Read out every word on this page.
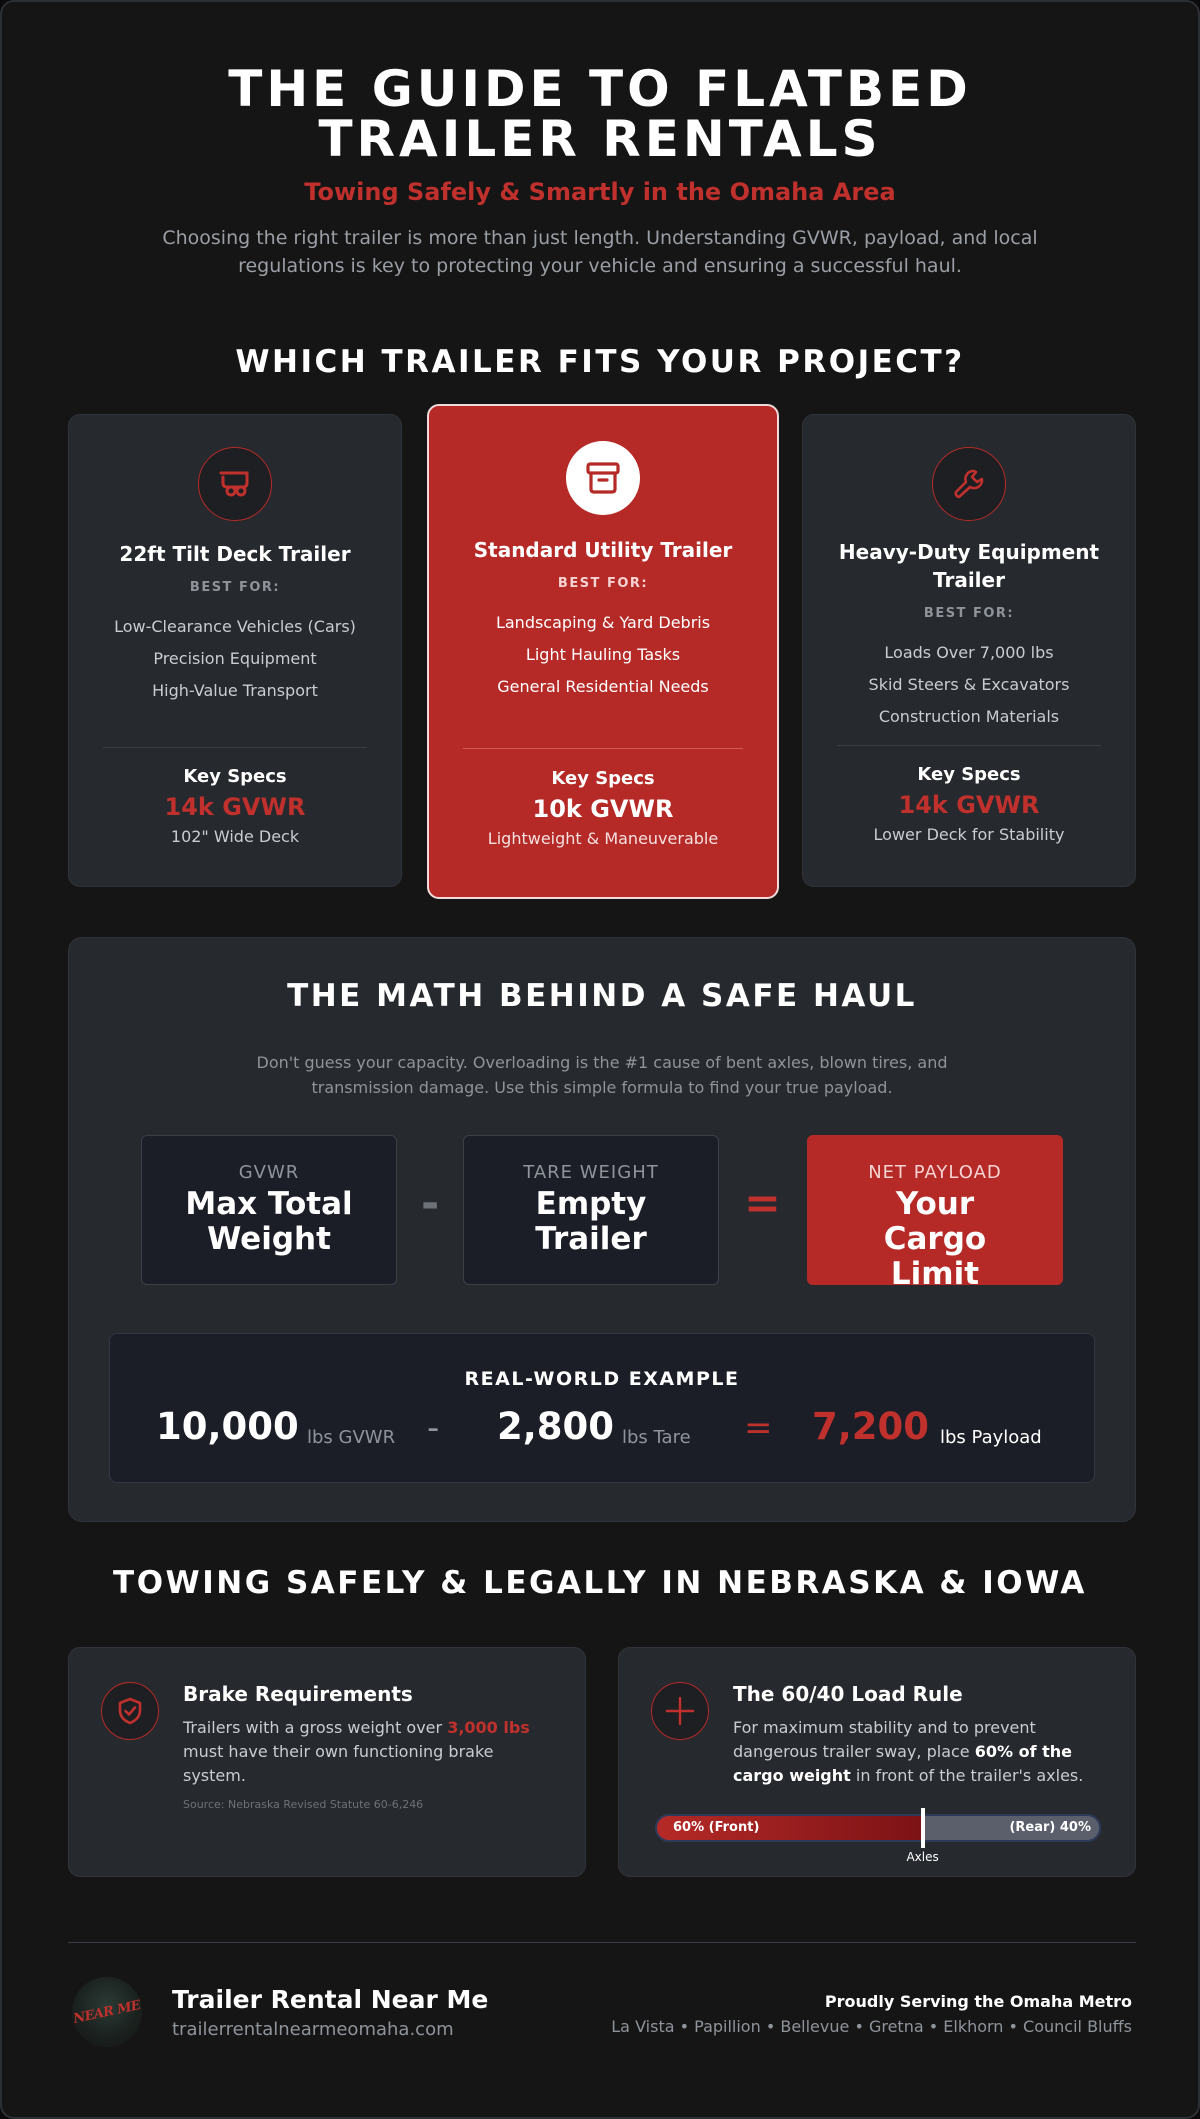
THE GUIDE TO FLATBED TRAILER RENTALS
Towing Safely & Smartly in the Omaha Area

Choosing the right trailer is more than just length. Understanding GVWR, payload, and local regulations is key to protecting your vehicle and ensuring a successful haul.

WHICH TRAILER FITS YOUR PROJECT?
22ft Tilt Deck Trailer
BEST FOR:
Low-Clearance Vehicles (Cars)
Precision Equipment
High-Value Transport
Key Specs
14k GVWR
102" Wide Deck
Standard Utility Trailer
BEST FOR:
Landscaping & Yard Debris
Light Hauling Tasks
General Residential Needs
Key Specs
10k GVWR
Lightweight & Maneuverable
Heavy-Duty Equipment Trailer
BEST FOR:
Loads Over 7,000 lbs
Skid Steers & Excavators
Construction Materials
Key Specs
14k GVWR
Lower Deck for Stability
THE MATH BEHIND A SAFE HAUL

Don't guess your capacity. Overloading is the #1 cause of bent axles, blown tires, and transmission damage. Use this simple formula to find your true payload.

GVWR
Max Total Weight
-
TARE WEIGHT
Empty Trailer
=
NET PAYLOAD
Your Cargo Limit
REAL-WORLD EXAMPLE
10,000 lbs GVWR - 2,800 lbs Tare = 7,200 lbs Payload
TOWING SAFELY & LEGALLY IN NEBRASKA & IOWA
Brake Requirements
Trailers with a gross weight over 3,000 lbs must have their own functioning brake system.
Source: Nebraska Revised Statute 60-6,246
The 60/40 Load Rule
For maximum stability and to prevent dangerous trailer sway, place 60% of the cargo weight in front of the trailer's axles.
60% (Front)	(Rear) 40%
Axles
NEAR ME Trailer Rental Near Me
trailerrentalnearmeomaha.com
Proudly Serving the Omaha Metro
La Vista • Papillion • Bellevue • Gretna • Elkhorn • Council Bluffs
